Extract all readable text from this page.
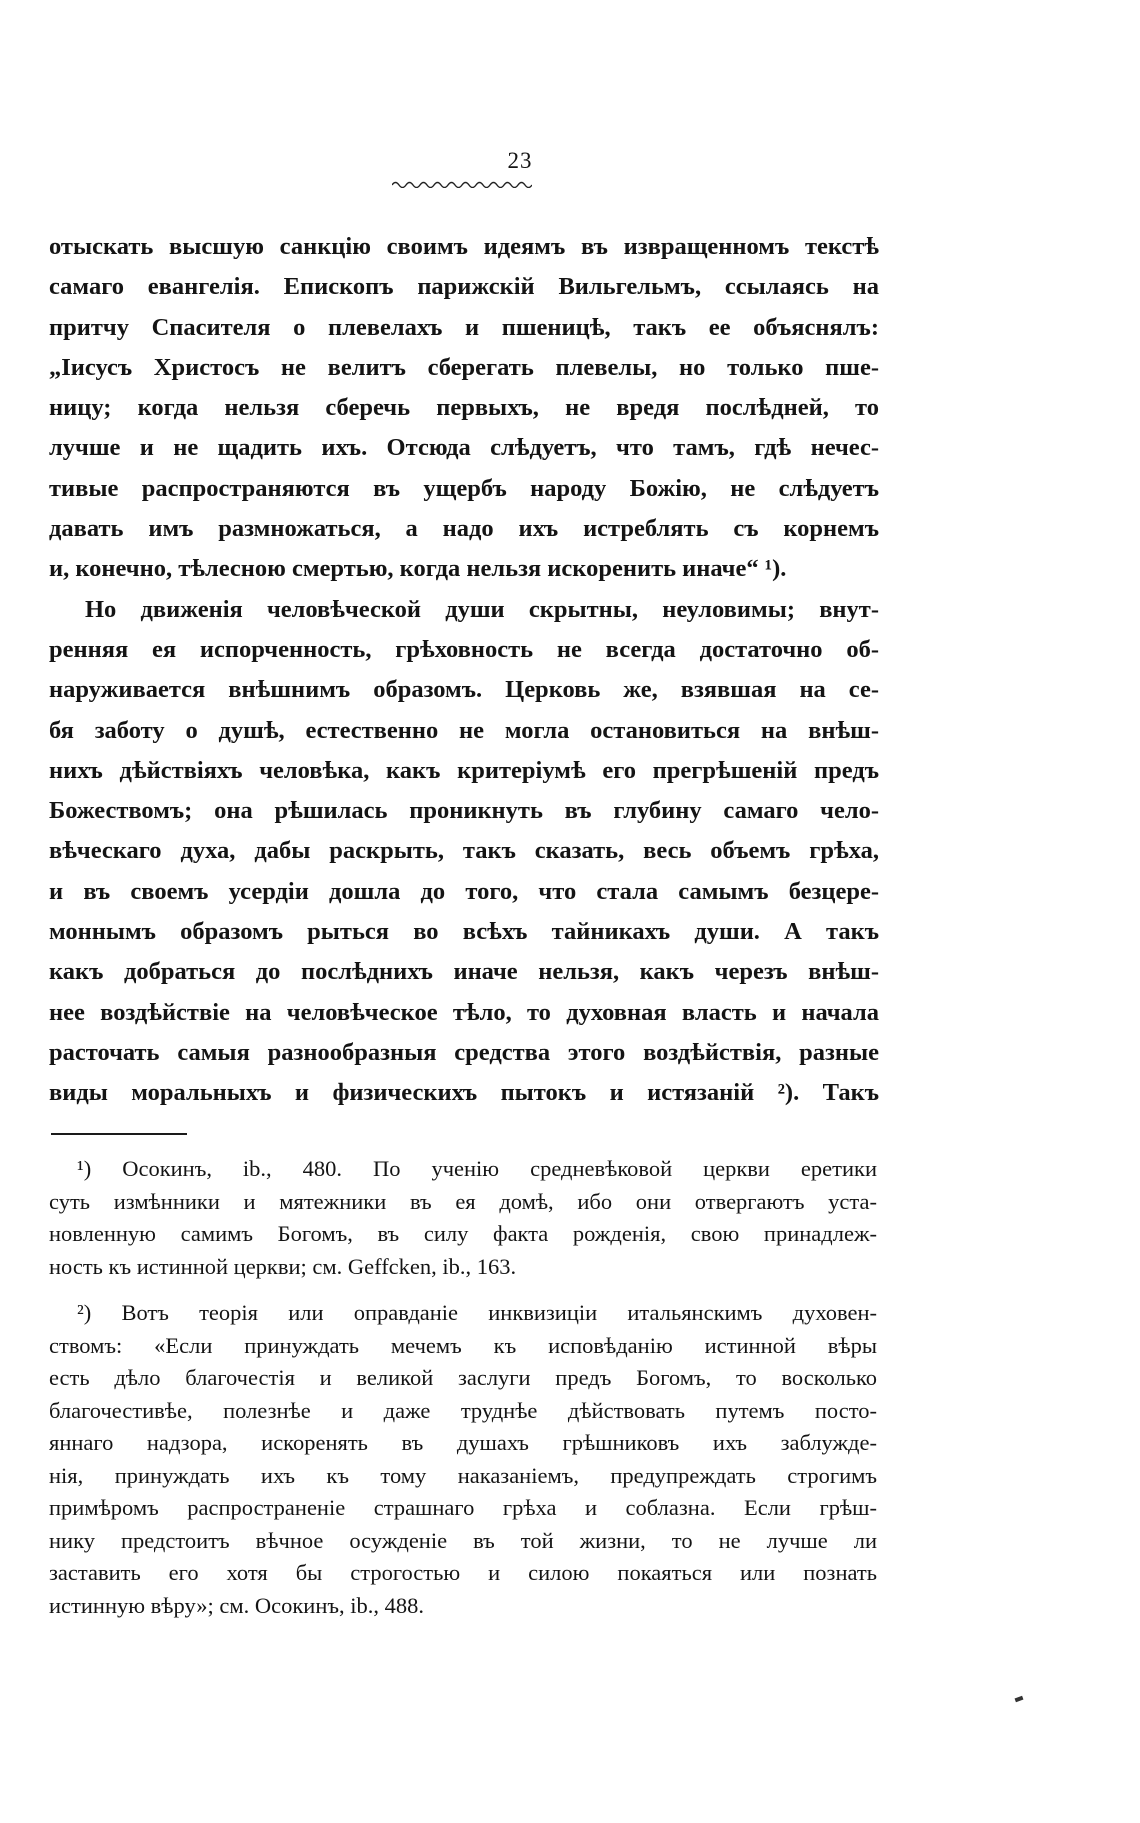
23
отыскать высшую санкцію своимъ идеямъ въ извращенномъ текстѣ
самаго евангелія. Епископъ парижскій Вильгельмъ, ссылаясь на
притчу Спасителя о плевелахъ и пшеницѣ, такъ ее объяснялъ:
„Іисусъ Христосъ не велитъ сберегать плевелы, но только пше-
ницу; когда нельзя сберечь первыхъ, не вредя послѣдней, то
лучше и не щадить ихъ. Отсюда слѣдуетъ, что тамъ, гдѣ нечес-
тивые распространяются въ ущербъ народу Божію, не слѣдуетъ
давать имъ размножаться, а надо ихъ истреблять съ корнемъ
и, конечно, тѣлесною смертью, когда нельзя искоренить иначе“ ¹).
Но движенія человѣческой души скрытны, неуловимы; внут-
ренняя ея испорченность, грѣховность не всегда достаточно об-
наруживается внѣшнимъ образомъ. Церковь же, взявшая на се-
бя заботу о душѣ, естественно не могла остановиться на внѣш-
нихъ дѣйствіяхъ человѣка, какъ критеріумѣ его прегрѣшеній предъ
Божествомъ; она рѣшилась проникнуть въ глубину самаго чело-
вѣческаго духа, дабы раскрыть, такъ сказать, весь объемъ грѣха,
и въ своемъ усердіи дошла до того, что стала самымъ безцере-
моннымъ образомъ рыться во всѣхъ тайникахъ души. А такъ
какъ добраться до послѣднихъ иначе нельзя, какъ черезъ внѣш-
нее воздѣйствіе на человѣческое тѣло, то духовная власть и начала
расточать самыя разнообразныя средства этого воздѣйствія, разные
виды моральныхъ и физическихъ пытокъ и истязаній ²). Такъ
¹) Осокинъ, ib., 480. По ученію средневѣковой церкви еретики
суть измѣнники и мятежники въ ея домѣ, ибо они отвергаютъ уста-
новленную самимъ Богомъ, въ силу факта рожденія, свою принадлеж-
ность къ истинной церкви; см. Geffcken, ib., 163.
²) Вотъ теорія или оправданіе инквизиціи итальянскимъ духовен-
ствомъ: «Если принуждать мечемъ къ исповѣданію истинной вѣры
есть дѣло благочестія и великой заслуги предъ Богомъ, то восколько
благочестивѣе, полезнѣе и даже труднѣе дѣйствовать путемъ посто-
яннаго надзора, искоренять въ душахъ грѣшниковъ ихъ заблужде-
нія, принуждать ихъ къ тому наказаніемъ, предупреждать строгимъ
примѣромъ распространеніе страшнаго грѣха и соблазна. Если грѣш-
нику предстоитъ вѣчное осужденіе въ той жизни, то не лучше ли
заставить его хотя бы строгостью и силою покаяться или познать
истинную вѣру»; см. Осокинъ, ib., 488.
